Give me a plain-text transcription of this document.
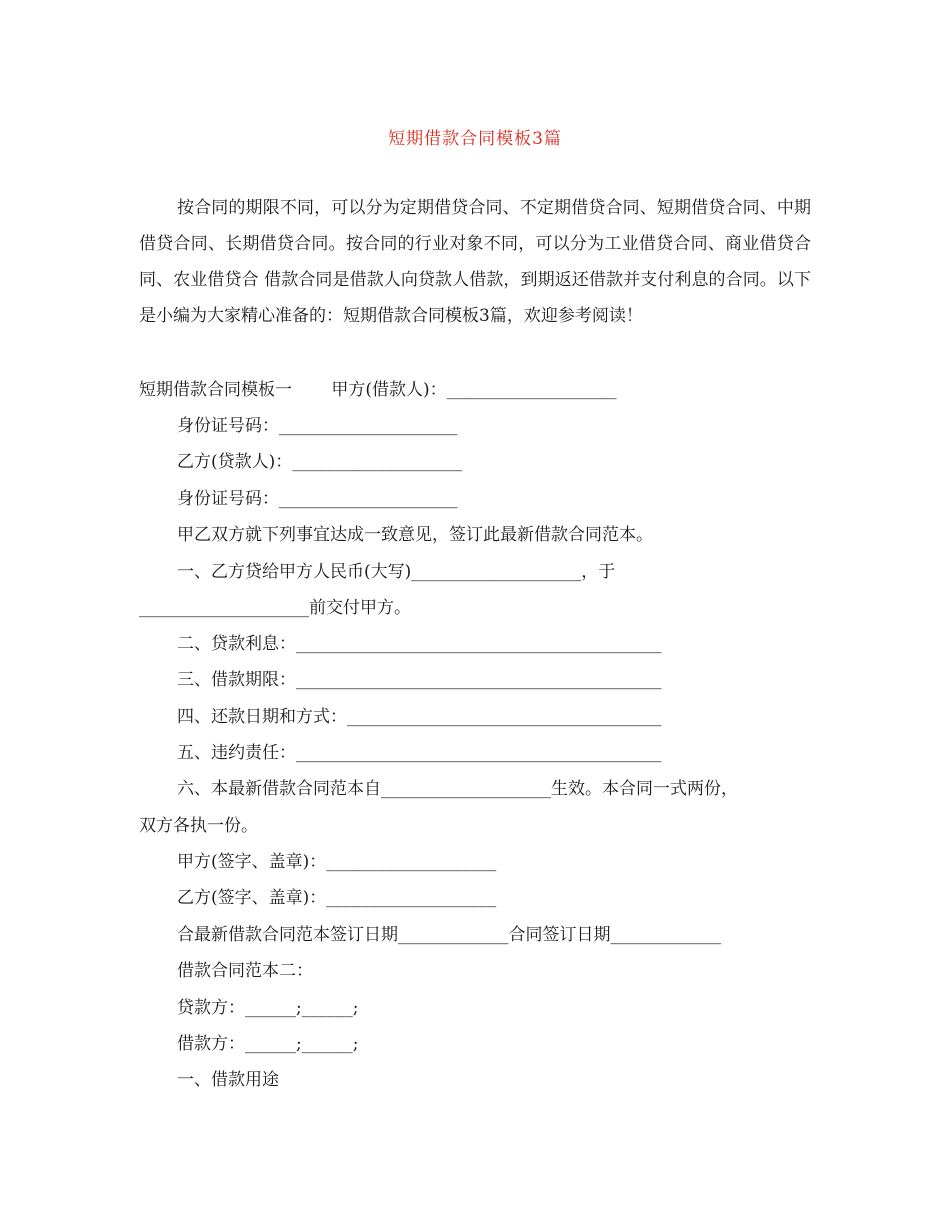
短期借款合同模板3篇

按合同的期限不同，可以分为定期借贷合同、不定期借贷合同、短期借贷合同、中期借贷合同、长期借贷合同。按合同的行业对象不同，可以分为工业借贷合同、商业借贷合同、农业借贷合 借款合同是借款人向贷款人借款，到期返还借款并支付利息的合同。以下是小编为大家精心准备的：短期借款合同模板3篇，欢迎参考阅读！

短期借款合同模板一　　 甲方(借款人)：____________________

身份证号码：_____________________

乙方(贷款人)：____________________

身份证号码：_____________________

甲乙双方就下列事宜达成一致意见，签订此最新借款合同范本。

一、乙方贷给甲方人民币(大写)____________________，于

____________________前交付甲方。

二、贷款利息：___________________________________________

三、借款期限：___________________________________________

四、还款日期和方式：_____________________________________

五、违约责任：___________________________________________

六、本最新借款合同范本自____________________生效。本合同一式两份，

双方各执一份。

甲方(签字、盖章)：____________________

乙方(签字、盖章)：____________________

合最新借款合同范本签订日期_____________合同签订日期_____________

借款合同范本二：

贷款方：______;______;

借款方：______;______;

一、借款用途
